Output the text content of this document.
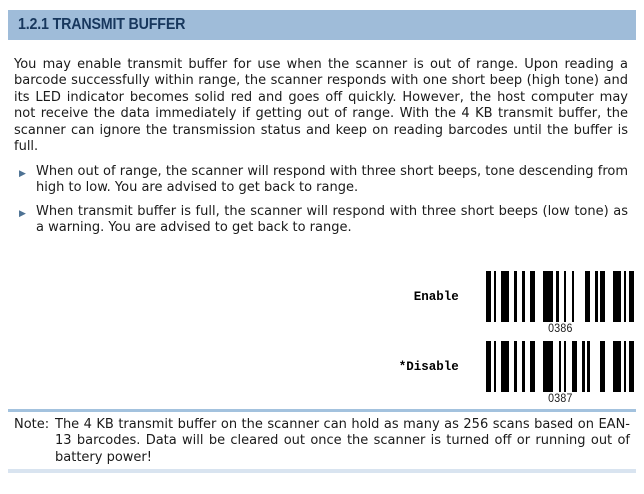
1.2.1 TRANSMIT BUFFER
You may enable transmit buffer for use when the scanner is out of range. Upon reading a barcode successfully within range, the scanner responds with one short beep (high tone) and its LED indicator becomes solid red and goes off quickly. However, the host computer may not receive the data immediately if getting out of range. With the 4 KB transmit buffer, the scanner can ignore the transmission status and keep on reading barcodes until the buffer is full.
▶ When out of range, the scanner will respond with three short beeps, tone descending from high to low. You are advised to get back to range.
▶ When transmit buffer is full, the scanner will respond with three short beeps (low tone) as a warning. You are advised to get back to range.
Enable
0386
*Disable
0387
Note: The 4 KB transmit buffer on the scanner can hold as many as 256 scans based on EAN-13 barcodes. Data will be cleared out once the scanner is turned off or running out of battery power!
